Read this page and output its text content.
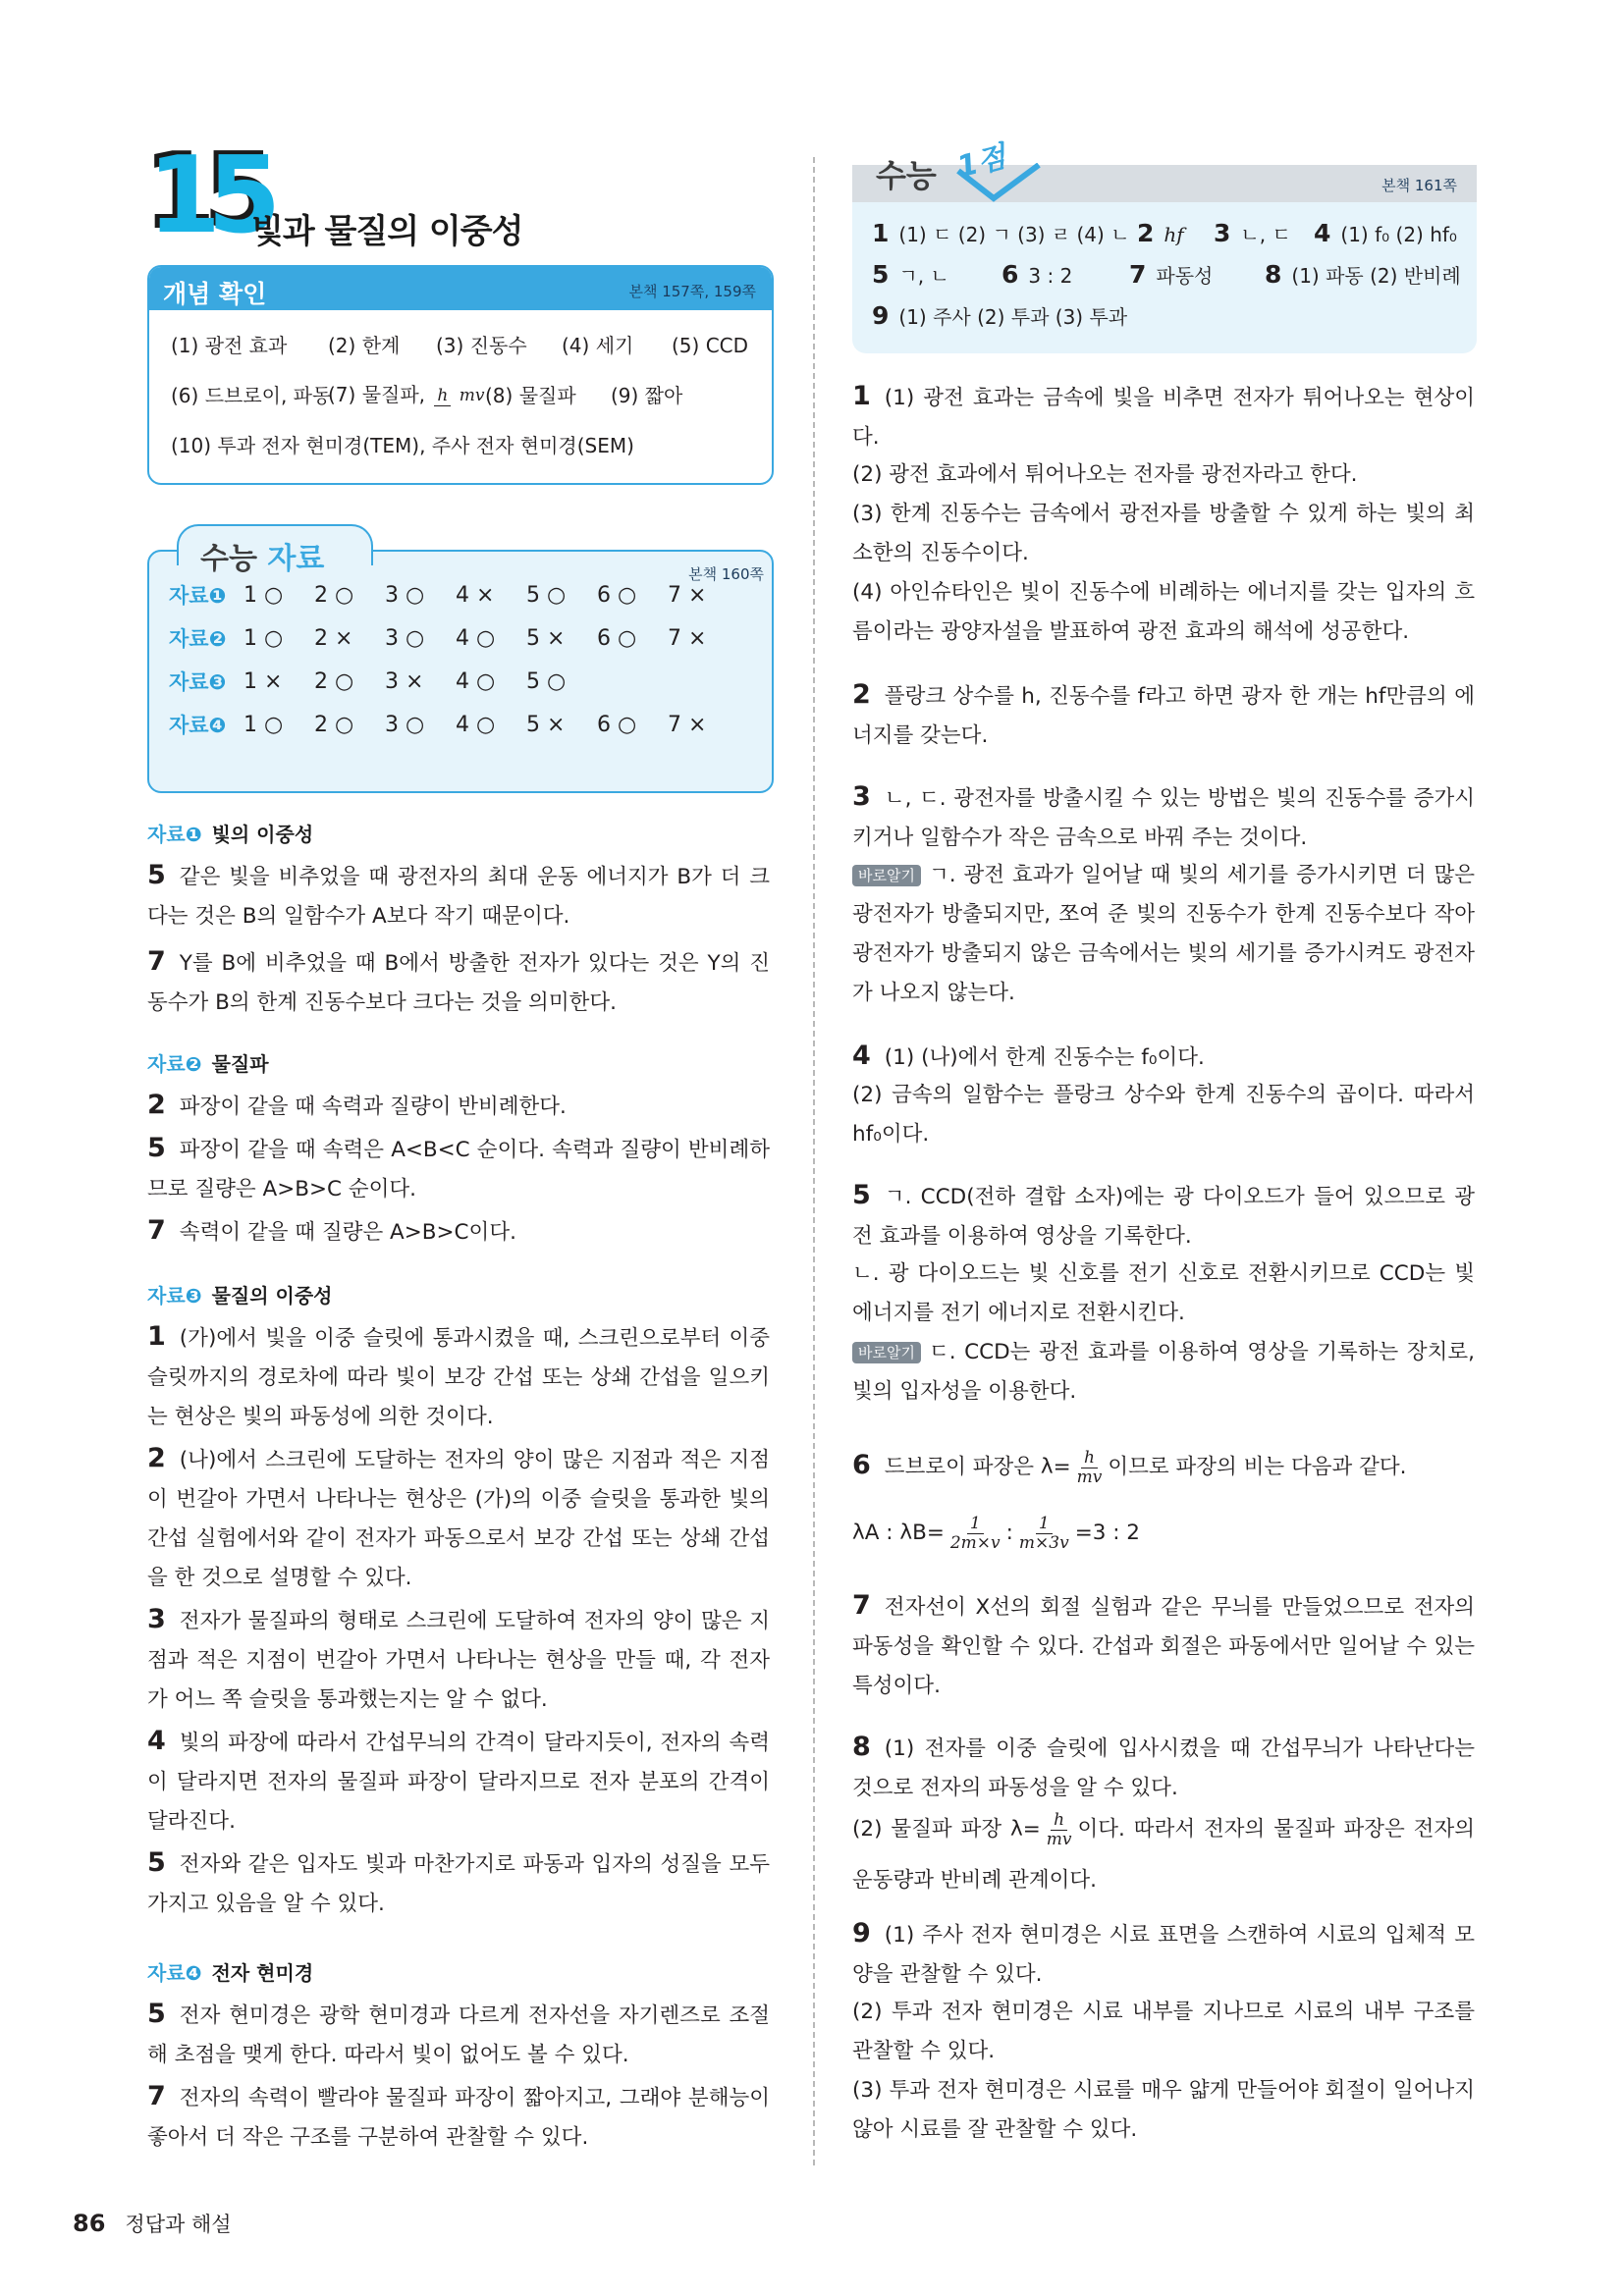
15
빛과 물질의 이중성
개념 확인	본책 157쪽, 159쪽
(1) 광전 효과	(2) 한계	(3) 진동수	(4) 세기	(5) CCD
(6) 드브로이, 파동
(7) 물질파, h mv (8) 물질파	(9) 짧아
(10) 투과 전자 현미경(TEM), 주사 전자 현미경(SEM)
수능 자료	본책 160쪽
자료❶ 1 ○	2 ○	3 ○	4 ×	5 ○	6 ○	7 ×
자료❷ 1 ○	2 ×	3 ○	4 ○	5 ×	6 ○	7 ×
자료❸ 1 ×	2 ○	3 ×	4 ○	5 ○
자료❹ 1 ○	2 ○	3 ○	4 ○	5 ×	6 ○	7 ×
자료❶ 빛의 이중성
5 같은 빛을 비추었을 때 광전자의 최대 운동 에너지가 B가 더 크다는 것은 B의 일함수가 A보다 작기 때문이다.
7 Y를 B에 비추었을 때 B에서 방출한 전자가 있다는 것은 Y의 진동수가 B의 한계 진동수보다 크다는 것을 의미한다.
자료❷ 물질파
2 파장이 같을 때 속력과 질량이 반비례한다.
5 파장이 같을 때 속력은 A<B<C 순이다. 속력과 질량이 반비례하므로 질량은 A>B>C 순이다.
7 속력이 같을 때 질량은 A>B>C이다.
자료❸ 물질의 이중성
1 (가)에서 빛을 이중 슬릿에 통과시켰을 때, 스크린으로부터 이중 슬릿까지의 경로차에 따라 빛이 보강 간섭 또는 상쇄 간섭을 일으키는 현상은 빛의 파동성에 의한 것이다.
2 (나)에서 스크린에 도달하는 전자의 양이 많은 지점과 적은 지점이 번갈아 가면서 나타나는 현상은 (가)의 이중 슬릿을 통과한 빛의 간섭 실험에서와 같이 전자가 파동으로서 보강 간섭 또는 상쇄 간섭을 한 것으로 설명할 수 있다.
3 전자가 물질파의 형태로 스크린에 도달하여 전자의 양이 많은 지점과 적은 지점이 번갈아 가면서 나타나는 현상을 만들 때, 각 전자가 어느 쪽 슬릿을 통과했는지는 알 수 없다.
4 빛의 파장에 따라서 간섭무늬의 간격이 달라지듯이, 전자의 속력이 달라지면 전자의 물질파 파장이 달라지므로 전자 분포의 간격이 달라진다.
5 전자와 같은 입자도 빛과 마찬가지로 파동과 입자의 성질을 모두 가지고 있음을 알 수 있다.
자료❹ 전자 현미경
5 전자 현미경은 광학 현미경과 다르게 전자선을 자기렌즈로 조절해 초점을 맺게 한다. 따라서 빛이 없어도 볼 수 있다.
7 전자의 속력이 빨라야 물질파 파장이 짧아지고, 그래야 분해능이 좋아서 더 작은 구조를 구분하여 관찰할 수 있다.
본책 161쪽
수능 1점
1 (1) ㄷ (2) ㄱ (3) ㄹ (4) ㄴ 2 hf	3 ㄴ, ㄷ 4 (1) f₀ (2) hf₀
5 ㄱ, ㄴ	6 3 : 2	7 파동성	8 (1) 파동 (2) 반비례
9 (1) 주사 (2) 투과 (3) 투과
1 (1) 광전 효과는 금속에 빛을 비추면 전자가 튀어나오는 현상이다.
(2) 광전 효과에서 튀어나오는 전자를 광전자라고 한다.
(3) 한계 진동수는 금속에서 광전자를 방출할 수 있게 하는 빛의 최소한의 진동수이다.
(4) 아인슈타인은 빛이 진동수에 비례하는 에너지를 갖는 입자의 흐름이라는 광양자설을 발표하여 광전 효과의 해석에 성공한다.
2 플랑크 상수를 h, 진동수를 f라고 하면 광자 한 개는 hf만큼의 에너지를 갖는다.
3 ㄴ, ㄷ. 광전자를 방출시킬 수 있는 방법은 빛의 진동수를 증가시키거나 일함수가 작은 금속으로 바꿔 주는 것이다.
바로알기 ㄱ. 광전 효과가 일어날 때 빛의 세기를 증가시키면 더 많은 광전자가 방출되지만, 쪼여 준 빛의 진동수가 한계 진동수보다 작아 광전자가 방출되지 않은 금속에서는 빛의 세기를 증가시켜도 광전자가 나오지 않는다.
4 (1) (나)에서 한계 진동수는 f₀이다.
(2) 금속의 일함수는 플랑크 상수와 한계 진동수의 곱이다. 따라서 hf₀이다.
5 ㄱ. CCD(전하 결합 소자)에는 광 다이오드가 들어 있으므로 광전 효과를 이용하여 영상을 기록한다.
ㄴ. 광 다이오드는 빛 신호를 전기 신호로 전환시키므로 CCD는 빛에너지를 전기 에너지로 전환시킨다.
바로알기 ㄷ. CCD는 광전 효과를 이용하여 영상을 기록하는 장치로, 빛의 입자성을 이용한다.
6 드브로이 파장은 $\lambda= \frac{h}{mv}$ 이므로 파장의 비는 다음과 같다.
λA : $\lambda B= \frac{1}{2m\times v}$ : $\frac{1}{m\times 3v} =3$ : 2
7 전자선이 X선의 회절 실험과 같은 무늬를 만들었으므로 전자의 파동성을 확인할 수 있다. 간섭과 회절은 파동에서만 일어날 수 있는 특성이다.
8 (1) 전자를 이중 슬릿에 입사시켰을 때 간섭무늬가 나타난다는 것으로 전자의 파동성을 알 수 있다.
(2) 물질파 파장 $\lambda= \frac{h}{mv}$ 이다. 따라서 전자의 물질파 파장은 전자의 운동량과 반비례 관계이다.
9 (1) 주사 전자 현미경은 시료 표면을 스캔하여 시료의 입체적 모양을 관찰할 수 있다.
(2) 투과 전자 현미경은 시료 내부를 지나므로 시료의 내부 구조를 관찰할 수 있다.
(3) 투과 전자 현미경은 시료를 매우 얇게 만들어야 회절이 일어나지 않아 시료를 잘 관찰할 수 있다.
86 정답과 해설
